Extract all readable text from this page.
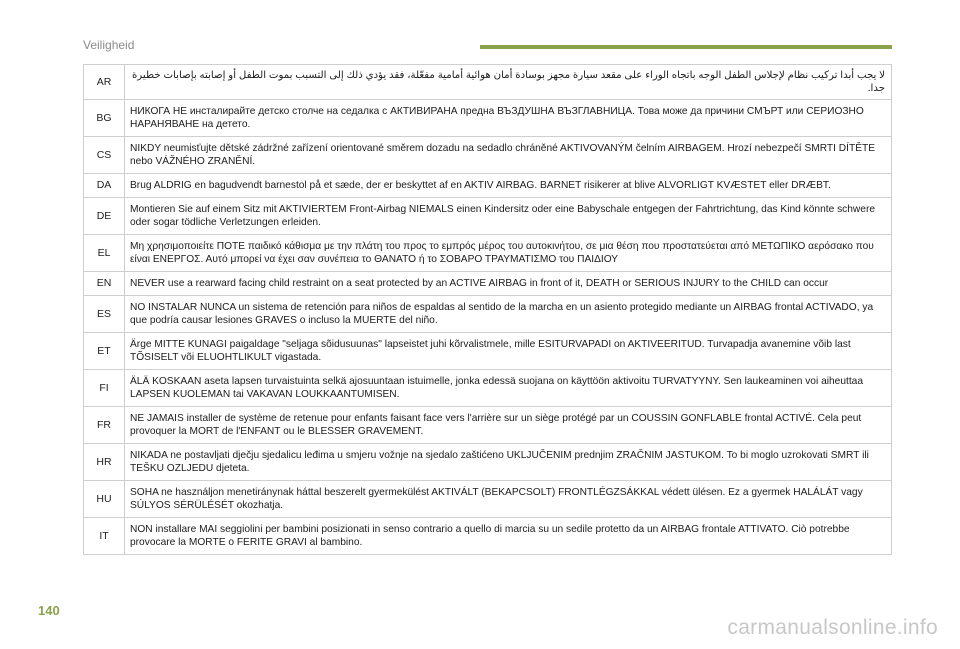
Veiligheid
AR	لا يجب أبدا تركيب نظام لإجلاس الطفل الوجه باتجاه الوراء على مقعد سيارة مجهز بوسادة أمان هوائية أمامية مفعّلة، فقد يؤدي ذلك إلى التسبب بموت الطفل أو إصابته بإصابات خطيرة جدا.
BG	НИКОГА НЕ инсталирайте детско столче на седалка с АКТИВИРАНА предна ВЪЗДУШНА ВЪЗГЛАВНИЦА. Това може да причини СМЪРТ или СЕРИОЗНО НАРАНЯВАНЕ на детето.
CS	NIKDY neumisťujte dětské zádržné zařízení orientované směrem dozadu na sedadlo chráněné AKTIVOVANÝM čelním AIRBAGEM. Hrozí nebezpečí SMRTI DÍTĚTE nebo VÁŽNÉHO ZRANĚNÍ.
DA	Brug ALDRIG en bagudvendt barnestol på et sæde, der er beskyttet af en AKTIV AIRBAG. BARNET risikerer at blive ALVORLIGT KVÆSTET eller DRÆBT.
DE	Montieren Sie auf einem Sitz mit AKTIVIERTEM Front-Airbag NIEMALS einen Kindersitz oder eine Babyschale entgegen der Fahrtrichtung, das Kind könnte schwere oder sogar tödliche Verletzungen erleiden.
EL	Μη χρησιμοποιείτε ΠΟΤΕ παιδικό κάθισμα με την πλάτη του προς το εμπρός μέρος του αυτοκινήτου, σε μια θέση που προστατεύεται από ΜΕΤΩΠΙΚΟ αερόσακο που είναι ΕΝΕΡΓΟΣ. Αυτό μπορεί να έχει σαν συνέπεια το ΘΑΝΑΤΟ ή το ΣΟΒΑΡΟ ΤΡΑΥΜΑΤΙΣΜΟ του ΠΑΙΔΙΟΥ
EN	NEVER use a rearward facing child restraint on a seat protected by an ACTIVE AIRBAG in front of it, DEATH or SERIOUS INJURY to the CHILD can occur
ES	NO INSTALAR NUNCA un sistema de retención para niños de espaldas al sentido de la marcha en un asiento protegido mediante un AIRBAG frontal ACTIVADO, ya que podría causar lesiones GRAVES o incluso la MUERTE del niño.
ET	Ärge MITTE KUNAGI paigaldage "seljaga sõidusuunas" lapseistet juhi kõrvalistmele, mille ESITURVAPADI on AKTIVEERITUD. Turvapadja avanemine võib last TÕSISELT või ELUOHTLIKULT vigastada.
FI	ÄLÄ KOSKAAN aseta lapsen turvaistuinta selkä ajosuuntaan istuimelle, jonka edessä suojana on käyttöön aktivoitu TURVATYYNY. Sen laukeaminen voi aiheuttaa LAPSEN KUOLEMAN tai VAKAVAN LOUKKAANTUMISEN.
FR	NE JAMAIS installer de système de retenue pour enfants faisant face vers l'arrière sur un siège protégé par un COUSSIN GONFLABLE frontal ACTIVÉ. Cela peut provoquer la MORT de l'ENFANT ou le BLESSER GRAVEMENT.
HR	NIKADA ne postavljati dječju sjedalicu leđima u smjeru vožnje na sjedalo zaštićeno UKLJUČENIM prednjim ZRAČNIM JASTUKOM. To bi moglo uzrokovati SMRT ili TEŠKU OZLJEDU djeteta.
HU	SOHA ne használjon menetiránynak háttal beszerelt gyermekülést AKTIVÁLT (BEKAPCSOLT) FRONTLÉGZSÁKKAL védett ülésen. Ez a gyermek HALÁLÁT vagy SÚLYOS SÉRÜLÉSÉT okozhatja.
IT	NON installare MAI seggiolini per bambini posizionati in senso contrario a quello di marcia su un sedile protetto da un AIRBAG frontale ATTIVATO. Ciò potrebbe provocare la MORTE o FERITE GRAVI al bambino.
140
carmanualsonline.info
